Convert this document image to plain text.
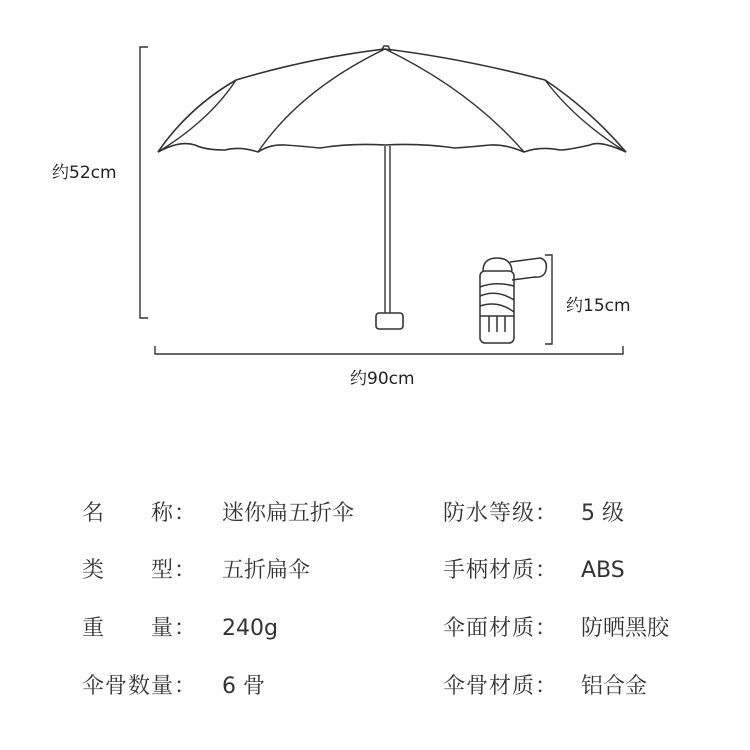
约52cm
约90cm
约15cm
名　　称： 迷你扁五折伞
类　　型： 五折扁伞
重　　量： 240g
伞骨数量： 6 骨
防水等级： 5 级
手柄材质： ABS
伞面材质： 防晒黑胶
伞骨材质： 铝合金
